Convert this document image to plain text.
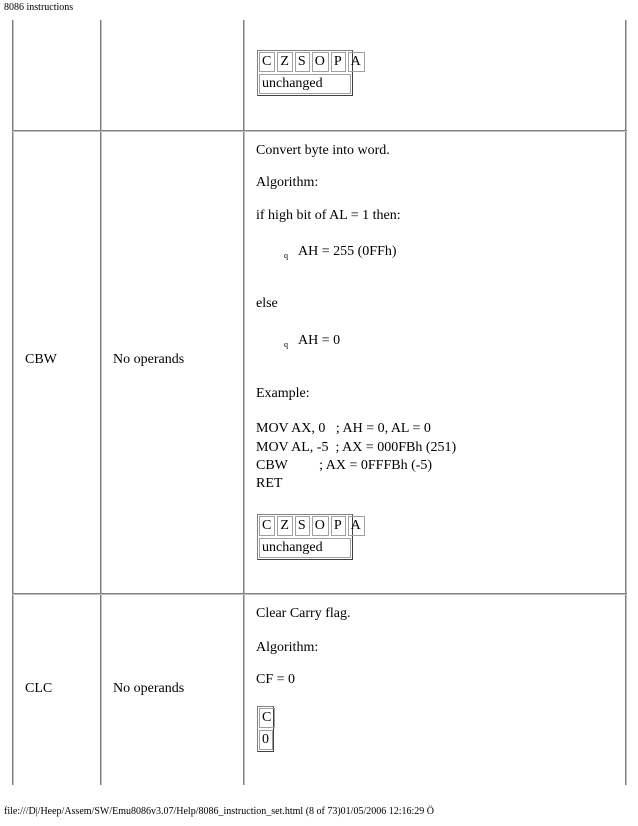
8086 instructions
C Z S O P A
unchanged
CBW	No operands
Convert byte into word.
Algorithm:
if high bit of AL = 1 then:
q AH = 255 (0FFh)
else
q AH = 0
Example:
MOV AX, 0   ; AH = 0, AL = 0
MOV AL, -5  ; AX = 000FBh (251)
CBW         ; AX = 0FFFBh (-5)
RET
C Z S O P A
unchanged
CLC	No operands
Clear Carry flag.
Algorithm:
CF = 0
C
0
file:///D|/Heep/Assem/SW/Emu8086v3.07/Help/8086_instruction_set.html (8 of 73)01/05/2006 12:16:29 Ö
